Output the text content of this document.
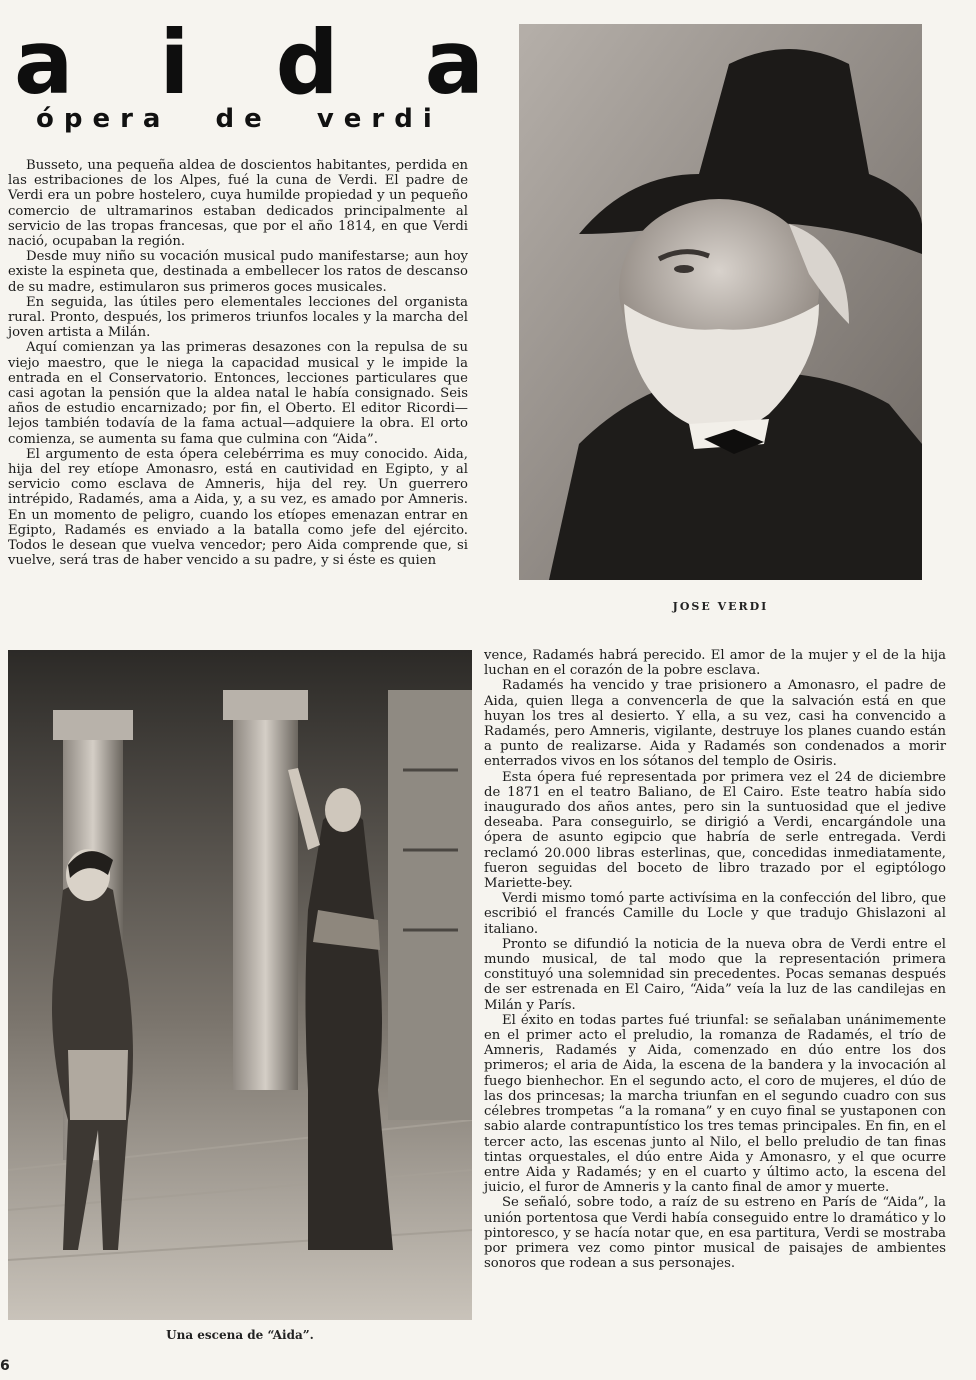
a i d a
ópera de verdi

Busseto, una pequeña aldea de doscientos habitantes, perdida en las estribaciones de los Alpes, fué la cuna de Verdi. El padre de Verdi era un pobre hostelero, cuya humilde propiedad y un pequeño comercio de ultramarinos estaban dedicados principalmente al servicio de las tropas francesas, que por el año 1814, en que Verdi nació, ocupaban la región.

Desde muy niño su vocación musical pudo manifestarse; aun hoy existe la espineta que, destinada a embellecer los ratos de descanso de su madre, estimularon sus primeros goces musicales.

En seguida, las útiles pero elementales lecciones del organista rural. Pronto, después, los primeros triunfos locales y la marcha del joven artista a Milán.

Aquí comienzan ya las primeras desazones con la repulsa de su viejo maestro, que le niega la capacidad musical y le impide la entrada en el Conservatorio. Entonces, lecciones particulares que casi agotan la pensión que la aldea natal le había consignado. Seis años de estudio encarnizado; por fin, el Oberto. El editor Ricordi—lejos también todavía de la fama actual—adquiere la obra. El orto comienza, se aumenta su fama que culmina con “Aida”.

El argumento de esta ópera celebérrima es muy conocido. Aida, hija del rey etíope Amonasro, está en cautividad en Egipto, y al servicio como esclava de Amneris, hija del rey. Un guerrero intrépido, Radamés, ama a Aida, y, a su vez, es amado por Amneris. En un momento de peligro, cuando los etíopes emenazan entrar en Egipto, Radamés es enviado a la batalla como jefe del ejército. Todos le desean que vuelva vencedor; pero Aida comprende que, si vuelve, será tras de haber vencido a su padre, y si éste es quien

JOSE VERDI

vence, Radamés habrá perecido. El amor de la mujer y el de la hija luchan en el corazón de la pobre esclava.

Radamés ha vencido y trae prisionero a Amonasro, el padre de Aida, quien llega a convencerla de que la salvación está en que huyan los tres al desierto. Y ella, a su vez, casi ha convencido a Radamés, pero Amneris, vigilante, destruye los planes cuando están a punto de realizarse. Aida y Radamés son condenados a morir enterrados vivos en los sótanos del templo de Osiris.

Esta ópera fué representada por primera vez el 24 de diciembre de 1871 en el teatro Baliano, de El Cairo. Este teatro había sido inaugurado dos años antes, pero sin la suntuosidad que el jedive deseaba. Para conseguirlo, se dirigió a Verdi, encargándole una ópera de asunto egipcio que habría de serle entregada. Verdi reclamó 20.000 libras esterlinas, que, concedidas inmediatamente, fueron seguidas del boceto de libro trazado por el egiptólogo Mariette-bey.

Verdi mismo tomó parte activísima en la confección del libro, que escribió el francés Camille du Locle y que tradujo Ghislazoni al italiano.

Pronto se difundió la noticia de la nueva obra de Verdi entre el mundo musical, de tal modo que la representación primera constituyó una solemnidad sin precedentes. Pocas semanas después de ser estrenada en El Cairo, “Aida” veía la luz de las candilejas en Milán y París.

El éxito en todas partes fué triunfal: se señalaban unánimemente en el primer acto el preludio, la romanza de Radamés, el trío de Amneris, Radamés y Aida, comenzado en dúo entre los dos primeros; el aria de Aida, la escena de la bandera y la invocación al fuego bienhechor. En el segundo acto, el coro de mujeres, el dúo de las dos princesas; la marcha triunfan en el segundo cuadro con sus célebres trompetas “a la romana” y en cuyo final se yustaponen con sabio alarde contrapuntístico los tres temas principales. En fin, en el tercer acto, las escenas junto al Nilo, el bello preludio de tan finas tintas orquestales, el dúo entre Aida y Amonasro, y el que ocurre entre Aida y Radamés; y en el cuarto y último acto, la escena del juicio, el furor de Amneris y la canto final de amor y muerte.

Se señaló, sobre todo, a raíz de su estreno en París de “Aida”, la unión portentosa que Verdi había conseguido entre lo dramático y lo pintoresco, y se hacía notar que, en esa partitura, Verdi se mostraba por primera vez como pintor musical de paisajes de ambientes sonoros que rodean a sus personajes.

Una escena de “Aida”.
6
